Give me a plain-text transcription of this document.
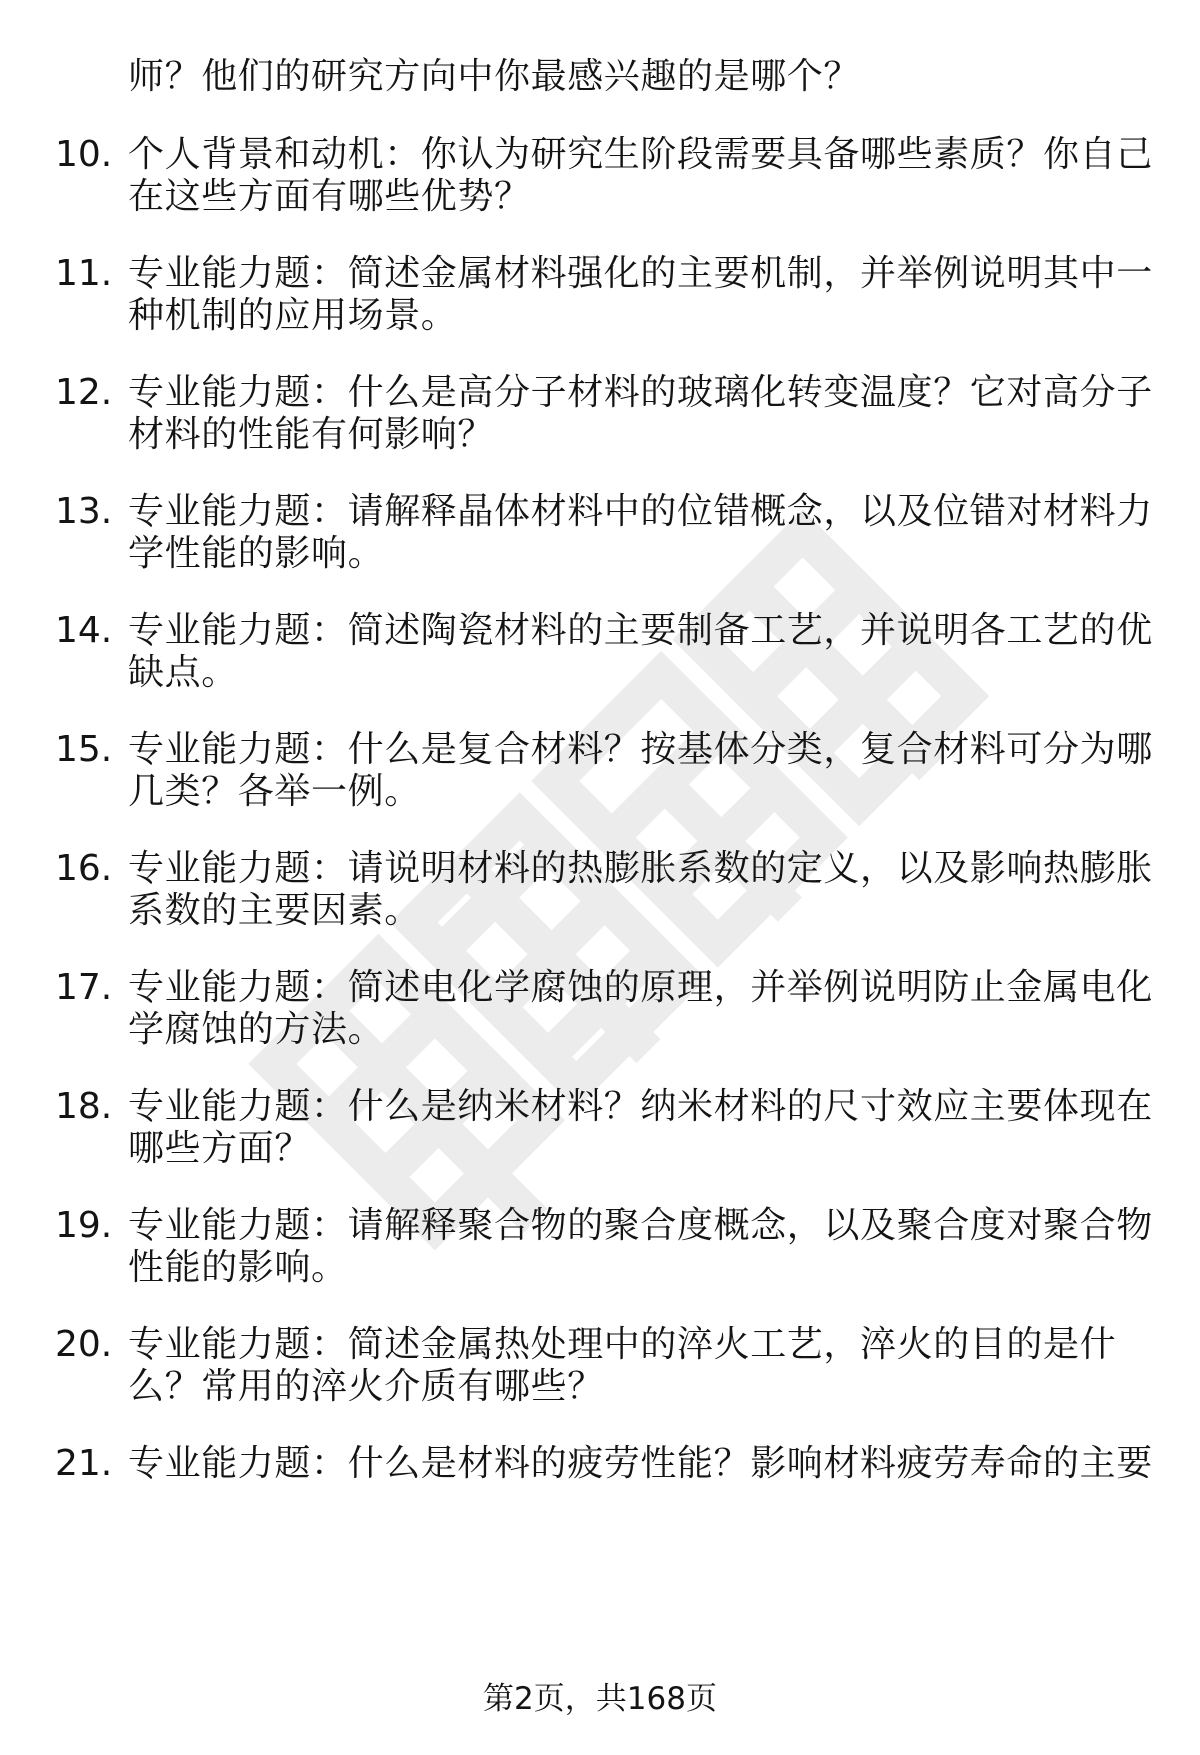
师？他们的研究方向中你最感兴趣的是哪个？
10. 个人背景和动机：你认为研究生阶段需要具备哪些素质？你自己
在这些方面有哪些优势？
11. 专业能力题：简述金属材料强化的主要机制，并举例说明其中一
种机制的应用场景。
12. 专业能力题：什么是高分子材料的玻璃化转变温度？它对高分子
材料的性能有何影响？
13. 专业能力题：请解释晶体材料中的位错概念，以及位错对材料力
学性能的影响。
14. 专业能力题：简述陶瓷材料的主要制备工艺，并说明各工艺的优
缺点。
15. 专业能力题：什么是复合材料？按基体分类，复合材料可分为哪
几类？各举一例。
16. 专业能力题：请说明材料的热膨胀系数的定义，以及影响热膨胀
系数的主要因素。
17. 专业能力题：简述电化学腐蚀的原理，并举例说明防止金属电化
学腐蚀的方法。
18. 专业能力题：什么是纳米材料？纳米材料的尺寸效应主要体现在
哪些方面？
19. 专业能力题：请解释聚合物的聚合度概念，以及聚合度对聚合物
性能的影响。
20. 专业能力题：简述金属热处理中的淬火工艺，淬火的目的是什
么？常用的淬火介质有哪些？
21. 专业能力题：什么是材料的疲劳性能？影响材料疲劳寿命的主要
第2页，共168页
